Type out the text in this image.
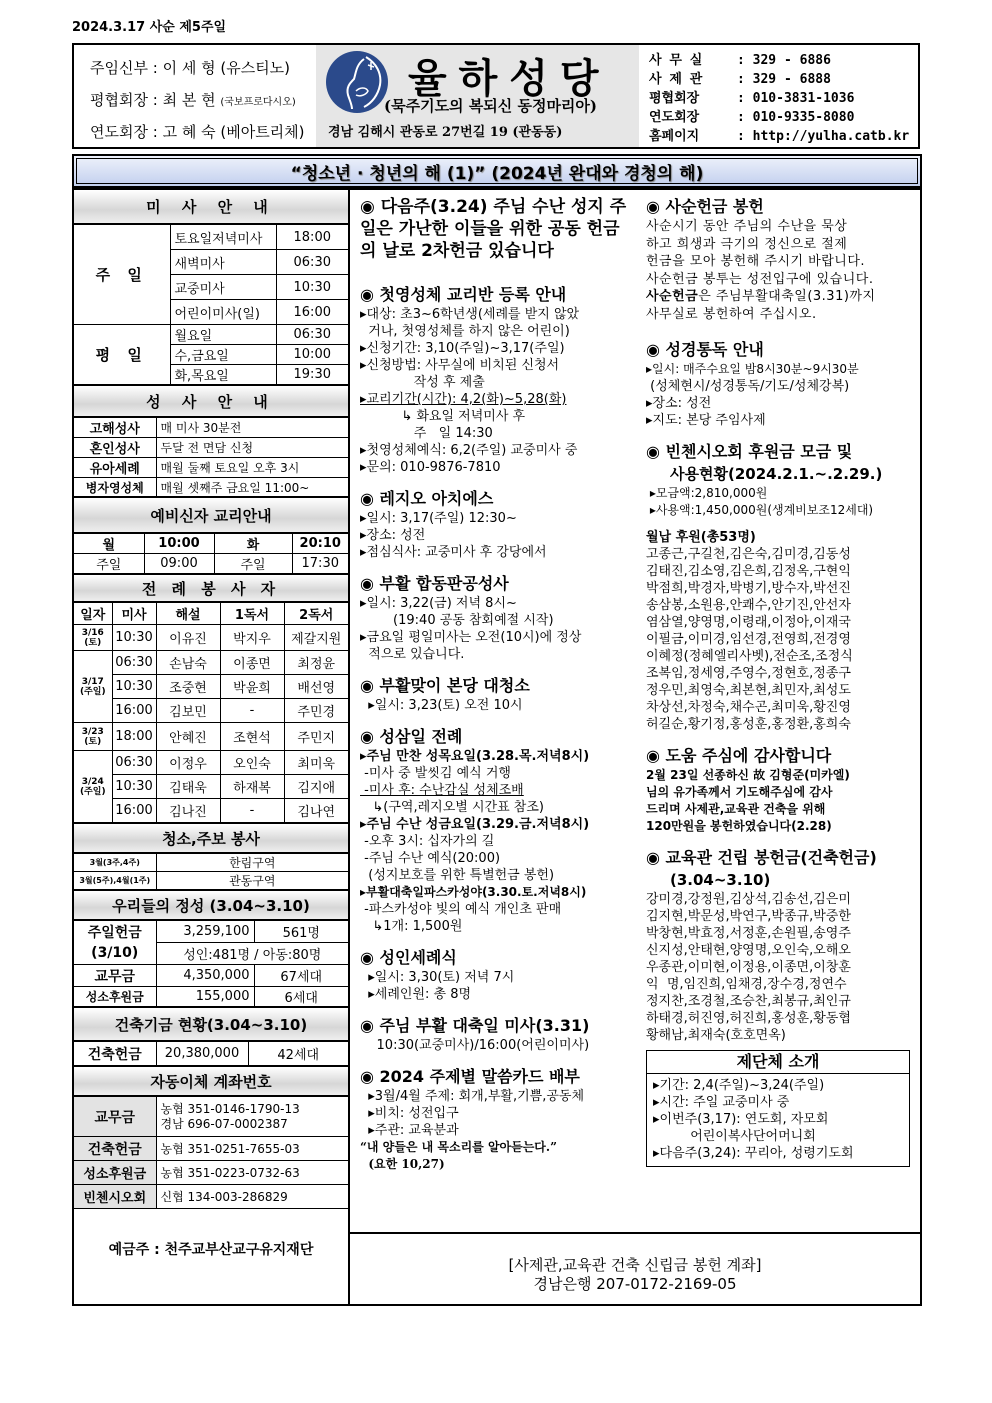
2024.3.17 사순 제5주일
주임신부 : 이 세 형 (유스티노)
평협회장 : 최 본 현 (국보프로다시오)
연도회장 : 고 혜 숙 (베아트리체)
율하성당
(묵주기도의 복되신 동정마리아)
경남 김해시 관동로 27번길 19 (관동동)
사 무 실	: 329 - 6886
사 제 관	: 329 - 6888
평협회장	: 010-3831-1036
연도회장	: 010-9335-8080
홈페이지	: http://yulha.catb.kr
“청소년 · 청년의 해 (1)” (2024년 완대와 경청의 해)
미 사 안 내
주 일	토요일저녁미사	18:00
	새벽미사	06:30
	교중미사	10:30
	어린이미사(일)	16:00
평 일	월요일	06:30
	수,금요일	10:00
	화,목요일	19:30
성 사 안 내
고해성사	매 미사 30분전
혼인성사	두달 전 면담 신청
유아세례	매월 둘째 토요일 오후 3시
병자영성체	매월 셋째주 금요일 11:00~
예비신자 교리안내
월	10:00	화	20:10
주일	09:00	주일	17:30
전 례 봉 사 자
일자	미사	해설	1독서	2독서
3/16
(토)	10:30	이유진	박지우	제갈지원
3/17
(주일)	06:30	손남숙	이종면	최정윤
	10:30	조중현	박윤희	배선영
	16:00	김보민	-	주민경
3/23
(토)	18:00	안혜진	조현석	주민지
3/24
(주일)	06:30	이정우	오인숙	최미욱
	10:30	김태욱	하재복	김지애
	16:00	김나진	-	김나연
청소,주보 봉사
3월(3주,4주)	한림구역
3월(5주),4월(1주)	관동구역
우리들의 정성 (3.04~3.10)
주일헌금
(3/10)	3,259,100	561명
	성인:481명 / 아동:80명	
교무금	4,350,000	67세대
성소후원금	155,000	6세대
건축기금 현황(3.04~3.10)
건축헌금	20,380,000	42세대
자동이체 계좌번호
교무금	농협 351-0146-1790-13
경남 696-07-0002387
건축헌금	농협 351-0251-7655-03
성소후원금	농협 351-0223-0732-63
빈첸시오회	신협 134-003-286829
예금주 : 천주교부산교구유지재단
◉ 다음주(3.24) 주님 수난 성지 주일은 가난한 이들을 위한 공동 헌금의 날로 2차헌금 있습니다
◉ 첫영성체 교리반 등록 안내
▸대상: 초3~6학년생(세례를 받지 않았
거나, 첫영성체를 하지 않은 어린이)
▸신청기간: 3,10(주일)~3,17(주일)
▸신청방법: 사무실에 비치된 신청서
작성 후 제출
▸교리기간(시간): 4,2(화)~5,28(화)
↳ 화요일 저녁미사 후
주   일 14:30
▸첫영성체예식: 6,2(주일) 교중미사 중
▸문의: 010-9876-7810
◉ 레지오 아치에스
▸일시: 3,17(주일) 12:30~
▸장소: 성전
▸점심식사: 교중미사 후 강당에서
◉ 부활 합동판공성사
▸일시: 3,22(금) 저녁 8시~
(19:40 공동 참회예절 시작)
▸금요일 평일미사는 오전(10시)에 정상
적으로 있습니다.
◉ 부활맞이 본당 대청소
▸일시: 3,23(토) 오전 10시
◉ 성삼일 전례
▸주님 만찬 성목요일(3.28.목.저녁8시)
-미사 중 발씻김 예식 거행
-미사 후: 수난감실 성체조배
↳(구역,레지오별 시간표 참조)
▸주님 수난 성금요일(3.29.금.저녁8시)
-오후 3시: 십자가의 길
-주님 수난 예식(20:00)
(성지보호를 위한 특별헌금 봉헌)
▸부활대축일파스카성야(3.30.토.저녁8시)
-파스카성야 빛의 예식 개인초 판매
↳1개: 1,500원
◉ 성인세례식
▸일시: 3,30(토) 저녁 7시
▸세례인원: 총 8명
◉ 주님 부활 대축일 미사(3.31)
10:30(교중미사)/16:00(어린이미사)
◉ 2024 주제별 말씀카드 배부
▸3월/4월 주제: 회개,부활,기쁨,공동체
▸비치: 성전입구
▸주관: 교육분과
“내 양들은 내 목소리를 알아듣는다.”
(요한 10,27)
◉ 사순헌금 봉헌
사순시기 동안 주님의 수난을 묵상
하고 희생과 극기의 정신으로 절제
헌금을 모아 봉헌해 주시기 바랍니다.
사순헌금 봉투는 성전입구에 있습니다.
사순헌금은 주님부활대축일(3.31)까지
사무실로 봉헌하여 주십시오.
◉ 성경통독 안내
▸일시: 매주수요일 밤8시30분~9시30분
(성체현시/성경통독/기도/성체강복)
▸장소: 성전
▸지도: 본당 주임사제
◉ 빈첸시오회 후원금 모금 및
사용현황(2024.2.1.~.2.29.)
▸모금액:2,810,000원
▸사용액:1,450,000원(생계비보조12세대)
월납 후원(총53명)
고종근,구길천,김은숙,김미경,김동성
김태진,김소영,김은희,김정옥,구현익
박점희,박경자,박병기,방수자,박선진
송삼봉,소원용,안쾌수,안기진,안선자
염삼열,양영명,이령래,이정아,이재국
이필금,이미경,임선경,전영희,전경영
이혜정(정혜엘리사벳),전순조,조정식
조복임,정세영,주영수,정현호,정종구
정우민,최영숙,최본현,최민자,최성도
차상선,차정숙,채수곤,최미욱,황진영
허길순,황기정,홍성훈,홍정환,홍희숙
◉ 도움 주심에 감사합니다
2월 23일 선종하신 故 김형준(미카엘)
님의 유가족께서 기도해주심에 감사
드리며 사제관,교육관 건축을 위해
120만원을 봉헌하였습니다(2.28)
◉ 교육관 건립 봉헌금(건축헌금)
(3.04~3.10)
강미경,강정원,김상석,김송선,김은미
김지현,박문성,박연구,박종규,박중한
박창현,박효정,서정훈,손원필,송영주
신지성,안태현,양영명,오인숙,오해오
우종관,이미현,이정용,이종면,이창훈
익  명,임진희,임채경,장수경,정연수
정지찬,조경철,조승찬,최봉규,최인규
하태경,허진영,허진희,홍성훈,황동협
황해남,최재숙(호호면옥)
제단체 소개
▸기간: 2,4(주일)~3,24(주일)
▸시간: 주일 교중미사 중
▸이번주(3,17): 연도회, 자모회
어린이복사단어머니회
▸다음주(3,24): 꾸리아, 성령기도회
[사제관,교육관 건축 신립금 봉헌 계좌]
경남은행 207-0172-2169-05
